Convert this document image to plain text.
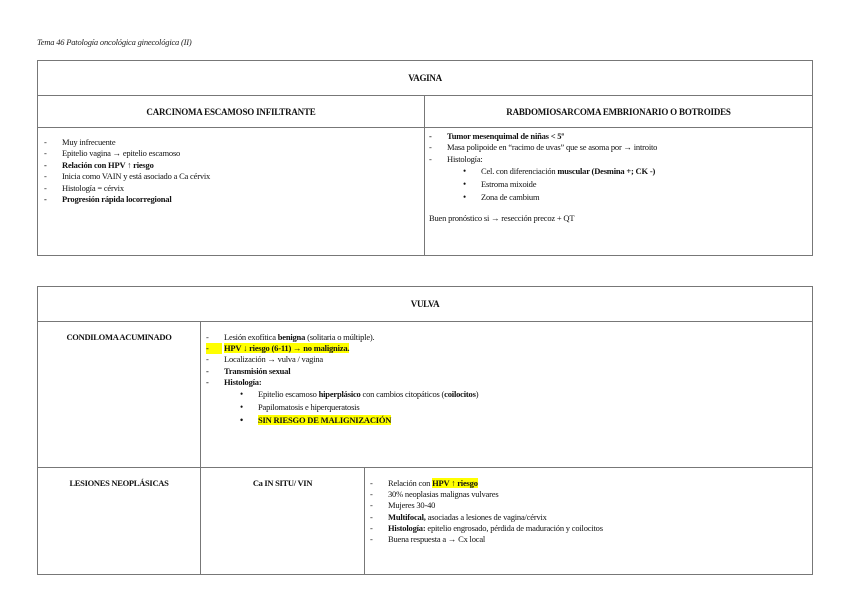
Tema 46 Patología oncológica ginecológica (II)
VAGINA	
CARCINOMA ESCAMOSO INFILTRANTE	RABDOMIOSARCOMA EMBRIONARIO O BOTROIDES

- Muy infrecuente
- Epitelio vagina → epitelio escamoso
- Relación con HPV ↑ riesgo
- Inicia como VAIN y está asociado a Ca cérvix
- Histología = cérvix
- Progresión rápida locorregional

- Tumor mesenquimal de niñas < 5ª
- Masa polipoide en “racimo de uvas” que se asoma por → introito
- Histología:
• Cel. con diferenciación muscular (Desmina +; CK -)
• Estroma mixoide
• Zona de cambium
Buen pronóstico si → resección precoz + QT
VULVA		
CONDILOMA ACUMINADO	
-Lesión exofítica benigna (solitaria o múltiple).
- HPV ↓ riesgo (6-11) → no maligniza.
- Localización → vulva / vagina
- Transmisión sexual
- Histología:
• Epitelio escamoso hiperplásico con cambios citopáticos (coilocitos)
• Papilomatosis e hiperqueratosis
• SIN RIESGO DE MALIGNIZACIÓN

LESIONES NEOPLÁSICAS	Ca IN SITU/ VIN	
-Relación con HPV ↑ riesgo
- 30% neoplasias malignas vulvares
- Mujeres 30-40
- Multifocal, asociadas a lesiones de vagina/cérvix
- Histología: epitelio engrosado, pérdida de maduración y coilocitos
- Buena respuesta a → Cx local
